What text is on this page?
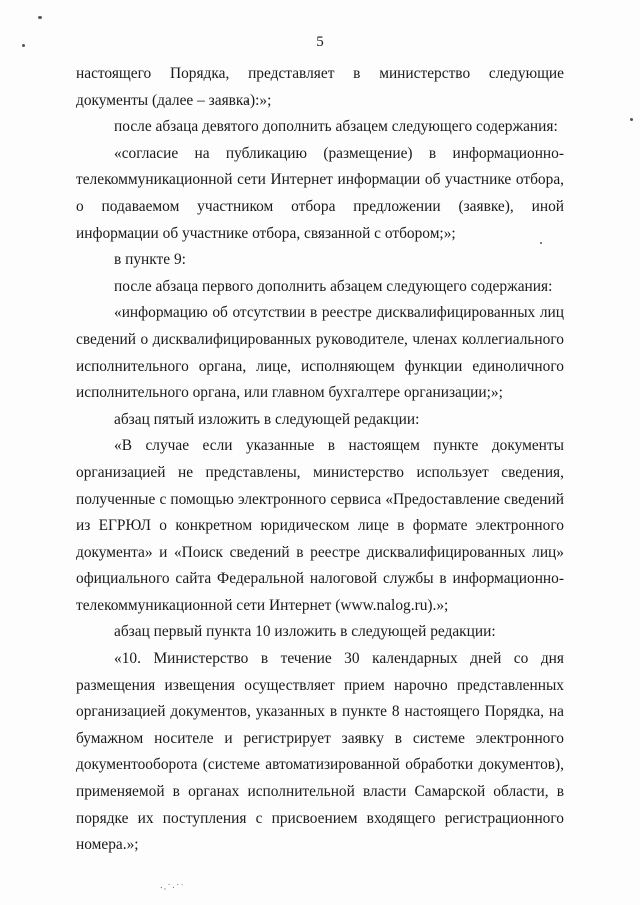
⸱⸳˙·˙ˈ
5

настоящего Порядка, представляет в министерство следующие документы (далее – заявка):»;

после абзаца девятого дополнить абзацем следующего содержания:

«согласие на публикацию (размещение) в информационно-телекоммуникационной сети Интернет информации об участнике отбора, о подаваемом участником отбора предложении (заявке), иной информации об участнике отбора, связанной с отбором;»;

в пункте 9:

после абзаца первого дополнить абзацем следующего содержания:

«информацию об отсутствии в реестре дисквалифицированных лиц сведений о дисквалифицированных руководителе, членах коллегиального исполнительного органа, лице, исполняющем функции единоличного исполнительного органа, или главном бухгалтере организации;»;

абзац пятый изложить в следующей редакции:

«В случае если указанные в настоящем пункте документы организацией не представлены, министерство использует сведения, полученные с помощью электронного сервиса «Предоставление сведений из ЕГРЮЛ о конкретном юридическом лице в формате электронного документа» и «Поиск сведений в реестре дисквалифицированных лиц» официального сайта Федеральной налоговой службы в информационно-телекоммуникационной сети Интернет (www.nalog.ru).»;

абзац первый пункта 10 изложить в следующей редакции:

«10. Министерство в течение 30 календарных дней со дня размещения извещения осуществляет прием нарочно представленных организацией документов, указанных в пункте 8 настоящего Порядка, на бумажном носителе и регистрирует заявку в системе электронного документооборота (системе автоматизированной обработки документов), применяемой в органах исполнительной власти Самарской области, в порядке их поступления с присвоением входящего регистрационного номера.»;
